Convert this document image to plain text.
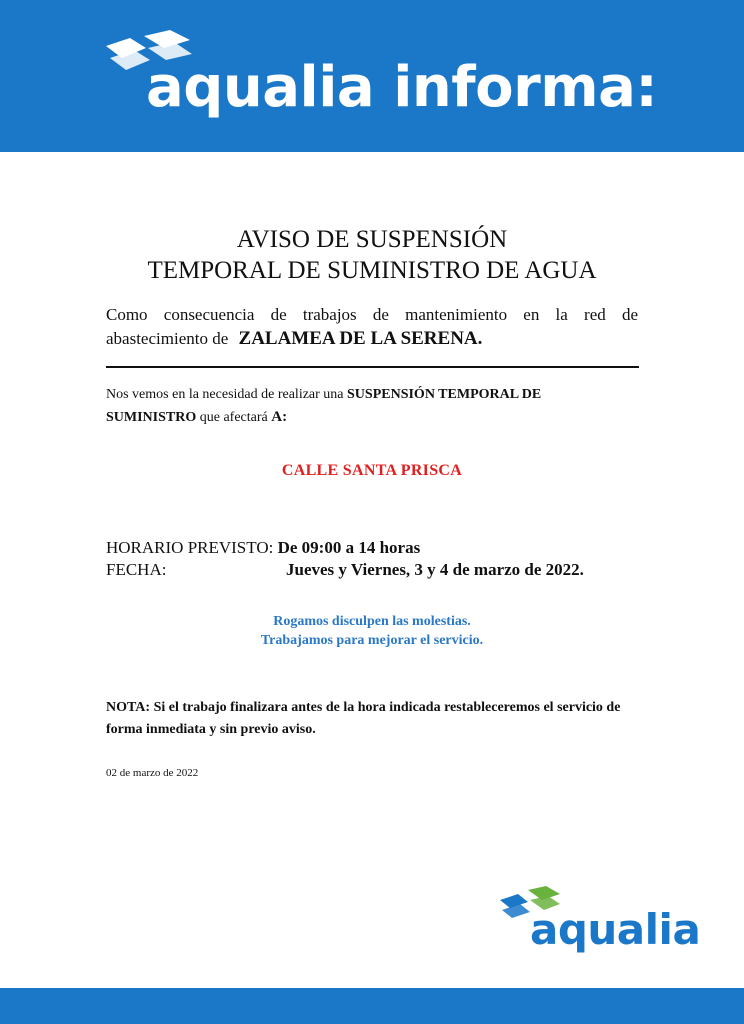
aqualia informa:
AVISO DE SUSPENSIÓN
TEMPORAL DE SUMINISTRO DE AGUA
Como consecuencia de trabajos de mantenimiento en la red de
abastecimiento de ZALAMEA DE LA SERENA.
Nos vemos en la necesidad de realizar una SUSPENSIÓN TEMPORAL DE SUMINISTRO que afectará A:
CALLE SANTA PRISCA
HORARIO PREVISTO: De 09:00 a 14 horas
FECHA:	Jueves y Viernes, 3 y 4 de marzo de 2022.
Rogamos disculpen las molestias.
Trabajamos para mejorar el servicio.
NOTA: Si el trabajo finalizara antes de la hora indicada restableceremos el servicio de forma inmediata y sin previo aviso.
02 de marzo de 2022
aqualia
